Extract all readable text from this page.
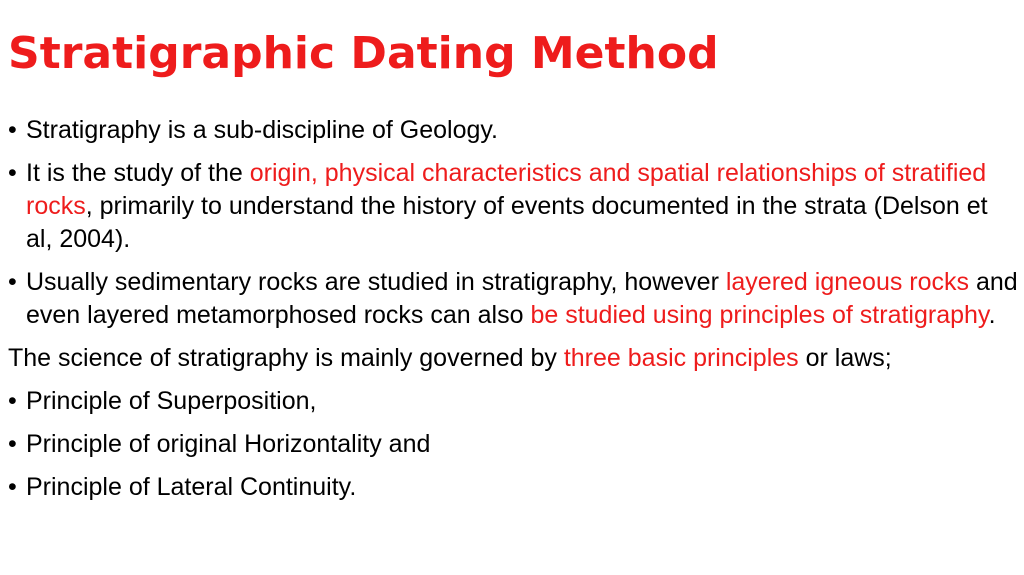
Stratigraphic Dating Method

• Stratigraphy is a sub-discipline of Geology.

• It is the study of the origin, physical characteristics and spatial relationships of stratified rocks, primarily to understand the history of events documented in the strata (Delson et al, 2004).

• Usually sedimentary rocks are studied in stratigraphy, however layered igneous rocks and even layered metamorphosed rocks can also be studied using principles of stratigraphy.

The science of stratigraphy is mainly governed by three basic principles or laws;

• Principle of Superposition,

• Principle of original Horizontality and

• Principle of Lateral Continuity.
